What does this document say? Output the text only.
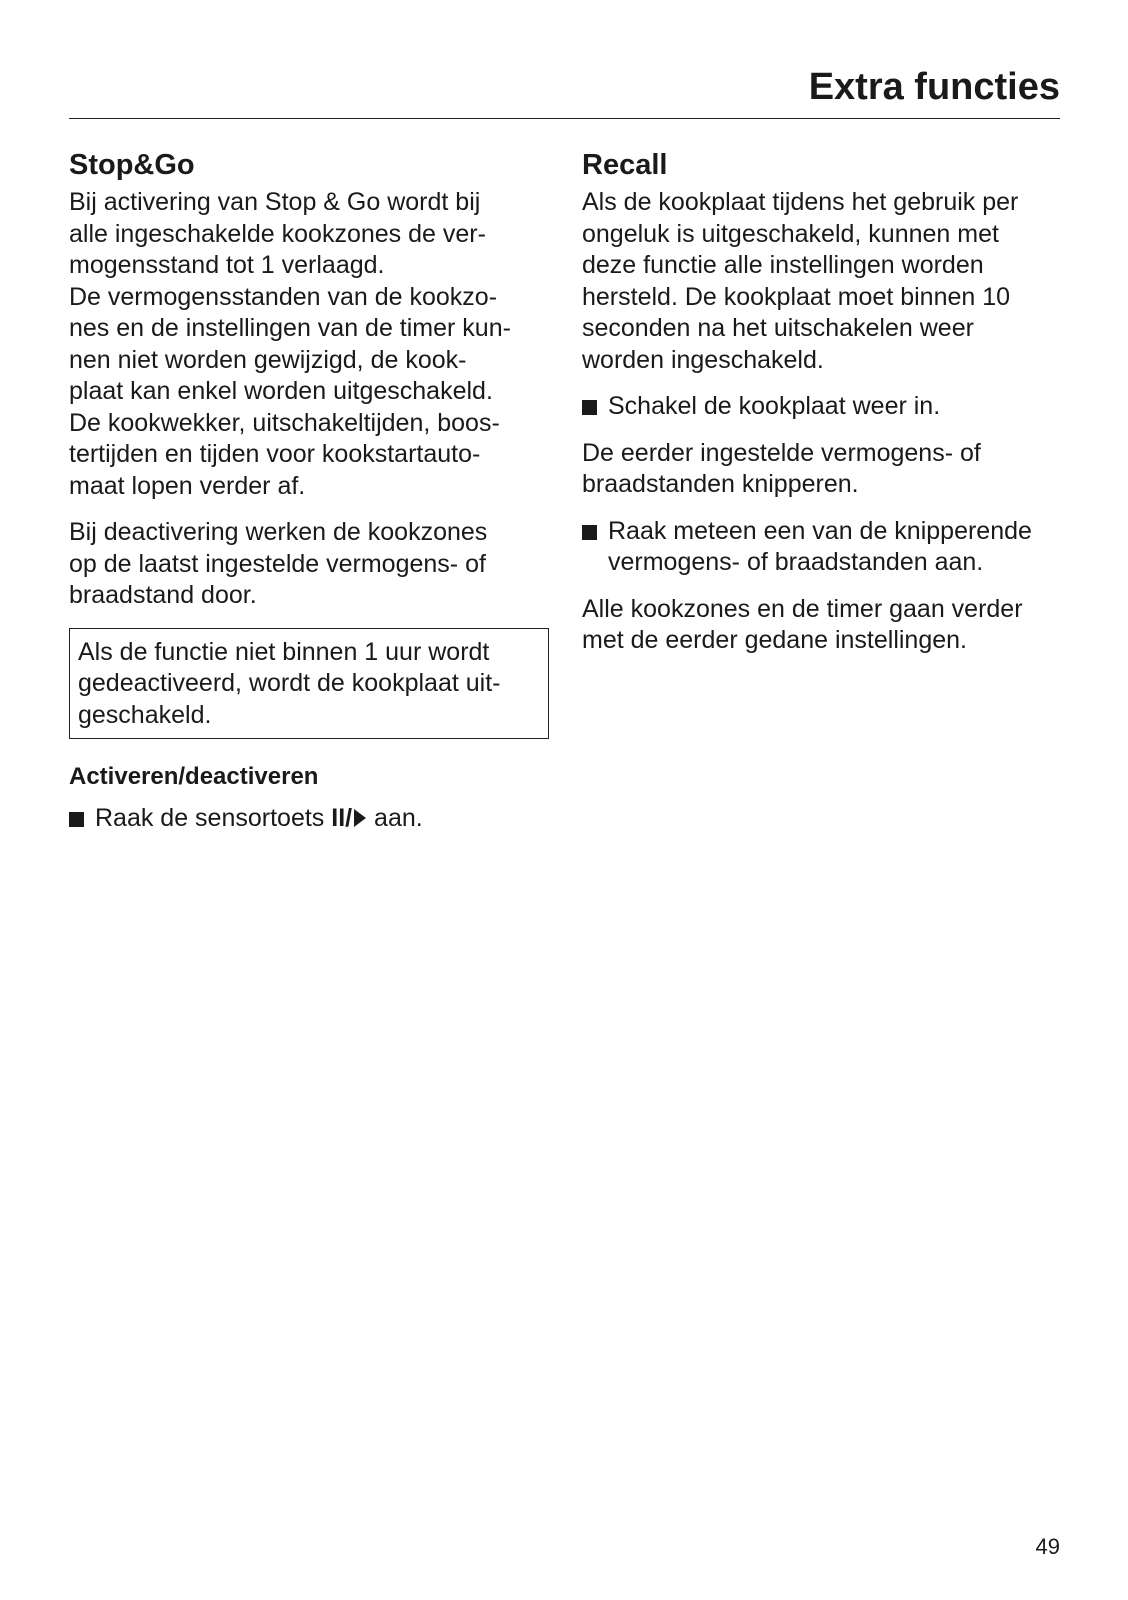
Extra functies
Stop&Go

Bij activering van Stop & Go wordt bij
alle ingeschakelde kookzones de ver-
mogensstand tot 1 verlaagd.
De vermogensstanden van de kookzo-
nes en de instellingen van de timer kun-
nen niet worden gewijzigd, de kook-
plaat kan enkel worden uitgeschakeld.
De kookwekker, uitschakeltijden, boos-
tertijden en tijden voor kookstartauto-
maat lopen verder af.

Bij deactivering werken de kookzones
op de laatst ingestelde vermogens- of
braadstand door.

Als de functie niet binnen 1 uur wordt
gedeactiveerd, wordt de kookplaat uit-
geschakeld.

Activeren/deactiveren

Raak de sensortoets II/ aan.

Recall

Als de kookplaat tijdens het gebruik per
ongeluk is uitgeschakeld, kunnen met
deze functie alle instellingen worden
hersteld. De kookplaat moet binnen 10
seconden na het uitschakelen weer
worden ingeschakeld.

Schakel de kookplaat weer in.

De eerder ingestelde vermogens- of
braadstanden knipperen.

Raak meteen een van de knipperende
vermogens- of braadstanden aan.

Alle kookzones en de timer gaan verder
met de eerder gedane instellingen.

49
